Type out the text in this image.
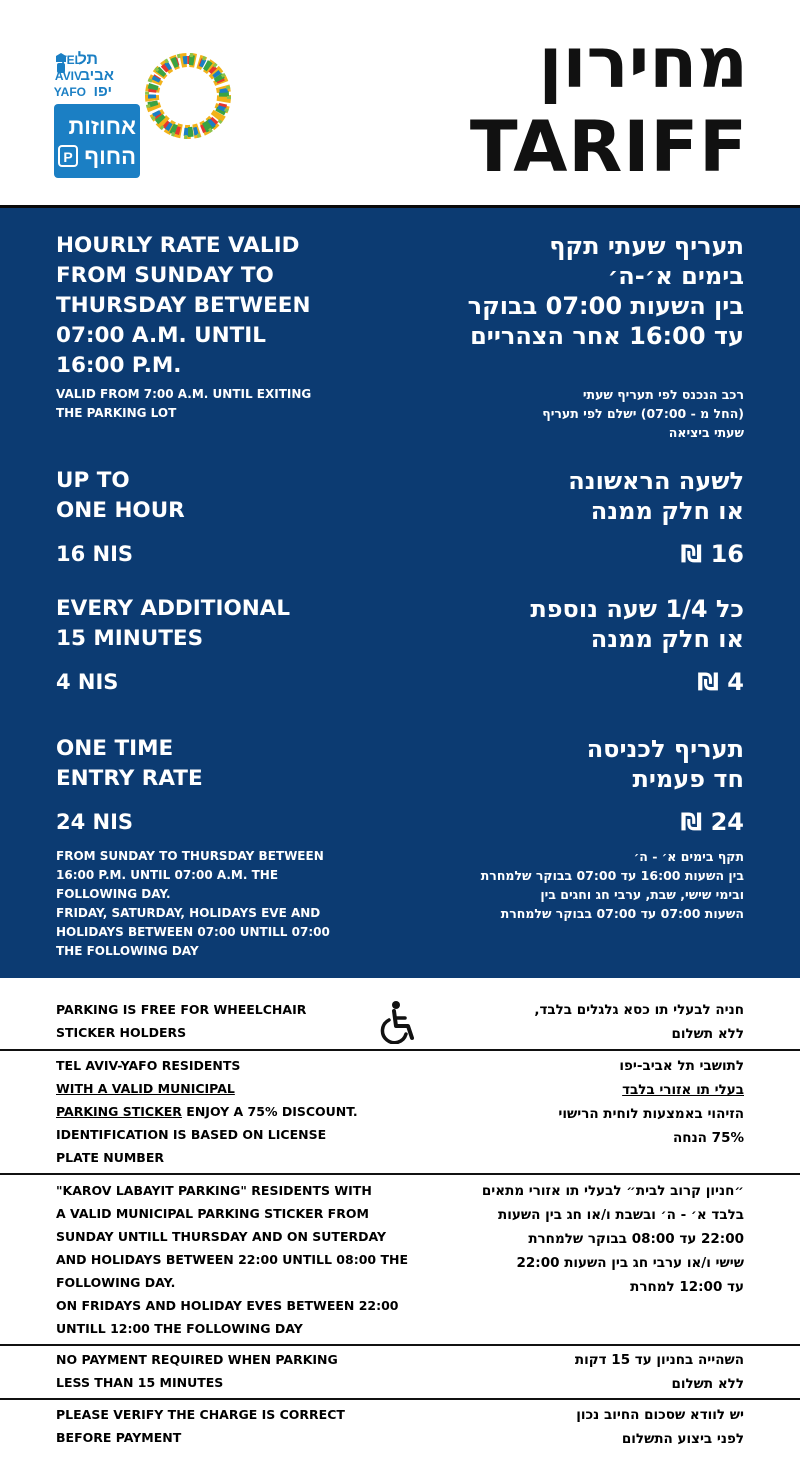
תל
TEL
אביב
AVIV
יפו
YAFO
אחוזות
החוף
P
מחירון
TARIFF
HOURLY RATE VALID
FROM SUNDAY TO
THURSDAY BETWEEN
07:00 A.M. UNTIL
16:00 P.M.
תעריף שעתי תקף
בימים א׳-ה׳
בין השעות 07:00 בבוקר
עד 16:00 אחר הצהריים
VALID FROM 7:00 A.M. UNTIL EXITING
THE PARKING LOT
רכב הנכנס לפי תעריף שעתי
(החל מ - 07:00) ישלם לפי תעריף
שעתי ביציאה
UP TO
ONE HOUR
לשעה הראשונה
או חלק ממנה
16 NIS	16 ₪
EVERY ADDITIONAL
15 MINUTES
כל 1/4 שעה נוספת
או חלק ממנה
4 NIS	4 ₪
ONE TIME
ENTRY RATE
תעריף לכניסה
חד פעמית
24 NIS	24 ₪
FROM SUNDAY TO THURSDAY BETWEEN
16:00 P.M. UNTIL 07:00 A.M. THE
FOLLOWING DAY.
FRIDAY, SATURDAY, HOLIDAYS EVE AND
HOLIDAYS BETWEEN 07:00 UNTILL 07:00
THE FOLLOWING DAY
תקף בימים א׳ - ה׳
בין השעות 16:00 עד 07:00 בבוקר שלמחרת
ובימי שישי, שבת, ערבי חג וחגים בין
השעות 07:00 עד 07:00 בבוקר שלמחרת
PARKING IS FREE FOR WHEELCHAIR
STICKER HOLDERS
חניה לבעלי תו כסא גלגלים בלבד,
ללא תשלום
TEL AVIV-YAFO RESIDENTS
WITH A VALID MUNICIPAL
PARKING STICKER ENJOY A 75% DISCOUNT.
IDENTIFICATION IS BASED ON LICENSE
PLATE NUMBER
לתושבי תל אביב-יפו
בעלי תו אזורי בלבד
הזיהוי באמצעות לוחית הרישוי
75% הנחה
"KAROV LABAYIT PARKING" RESIDENTS WITH
A VALID MUNICIPAL PARKING STICKER FROM
SUNDAY UNTILL THURSDAY AND ON SUTERDAY
AND HOLIDAYS BETWEEN 22:00 UNTILL 08:00 THE
FOLLOWING DAY.
ON FRIDAYS AND HOLIDAY EVES BETWEEN 22:00
UNTILL 12:00 THE FOLLOWING DAY
״חניון קרוב לבית״ לבעלי תו אזורי מתאים
בלבד א׳ - ה׳ ובשבת ו/או חג בין השעות
22:00 עד 08:00 בבוקר שלמחרת
שישי ו/או ערבי חג בין השעות 22:00
עד 12:00 למחרת
NO PAYMENT REQUIRED WHEN PARKING
LESS THAN 15 MINUTES
השהייה בחניון עד 15 דקות
ללא תשלום
PLEASE VERIFY THE CHARGE IS CORRECT
BEFORE PAYMENT
יש לוודא שסכום החיוב נכון
לפני ביצוע התשלום
